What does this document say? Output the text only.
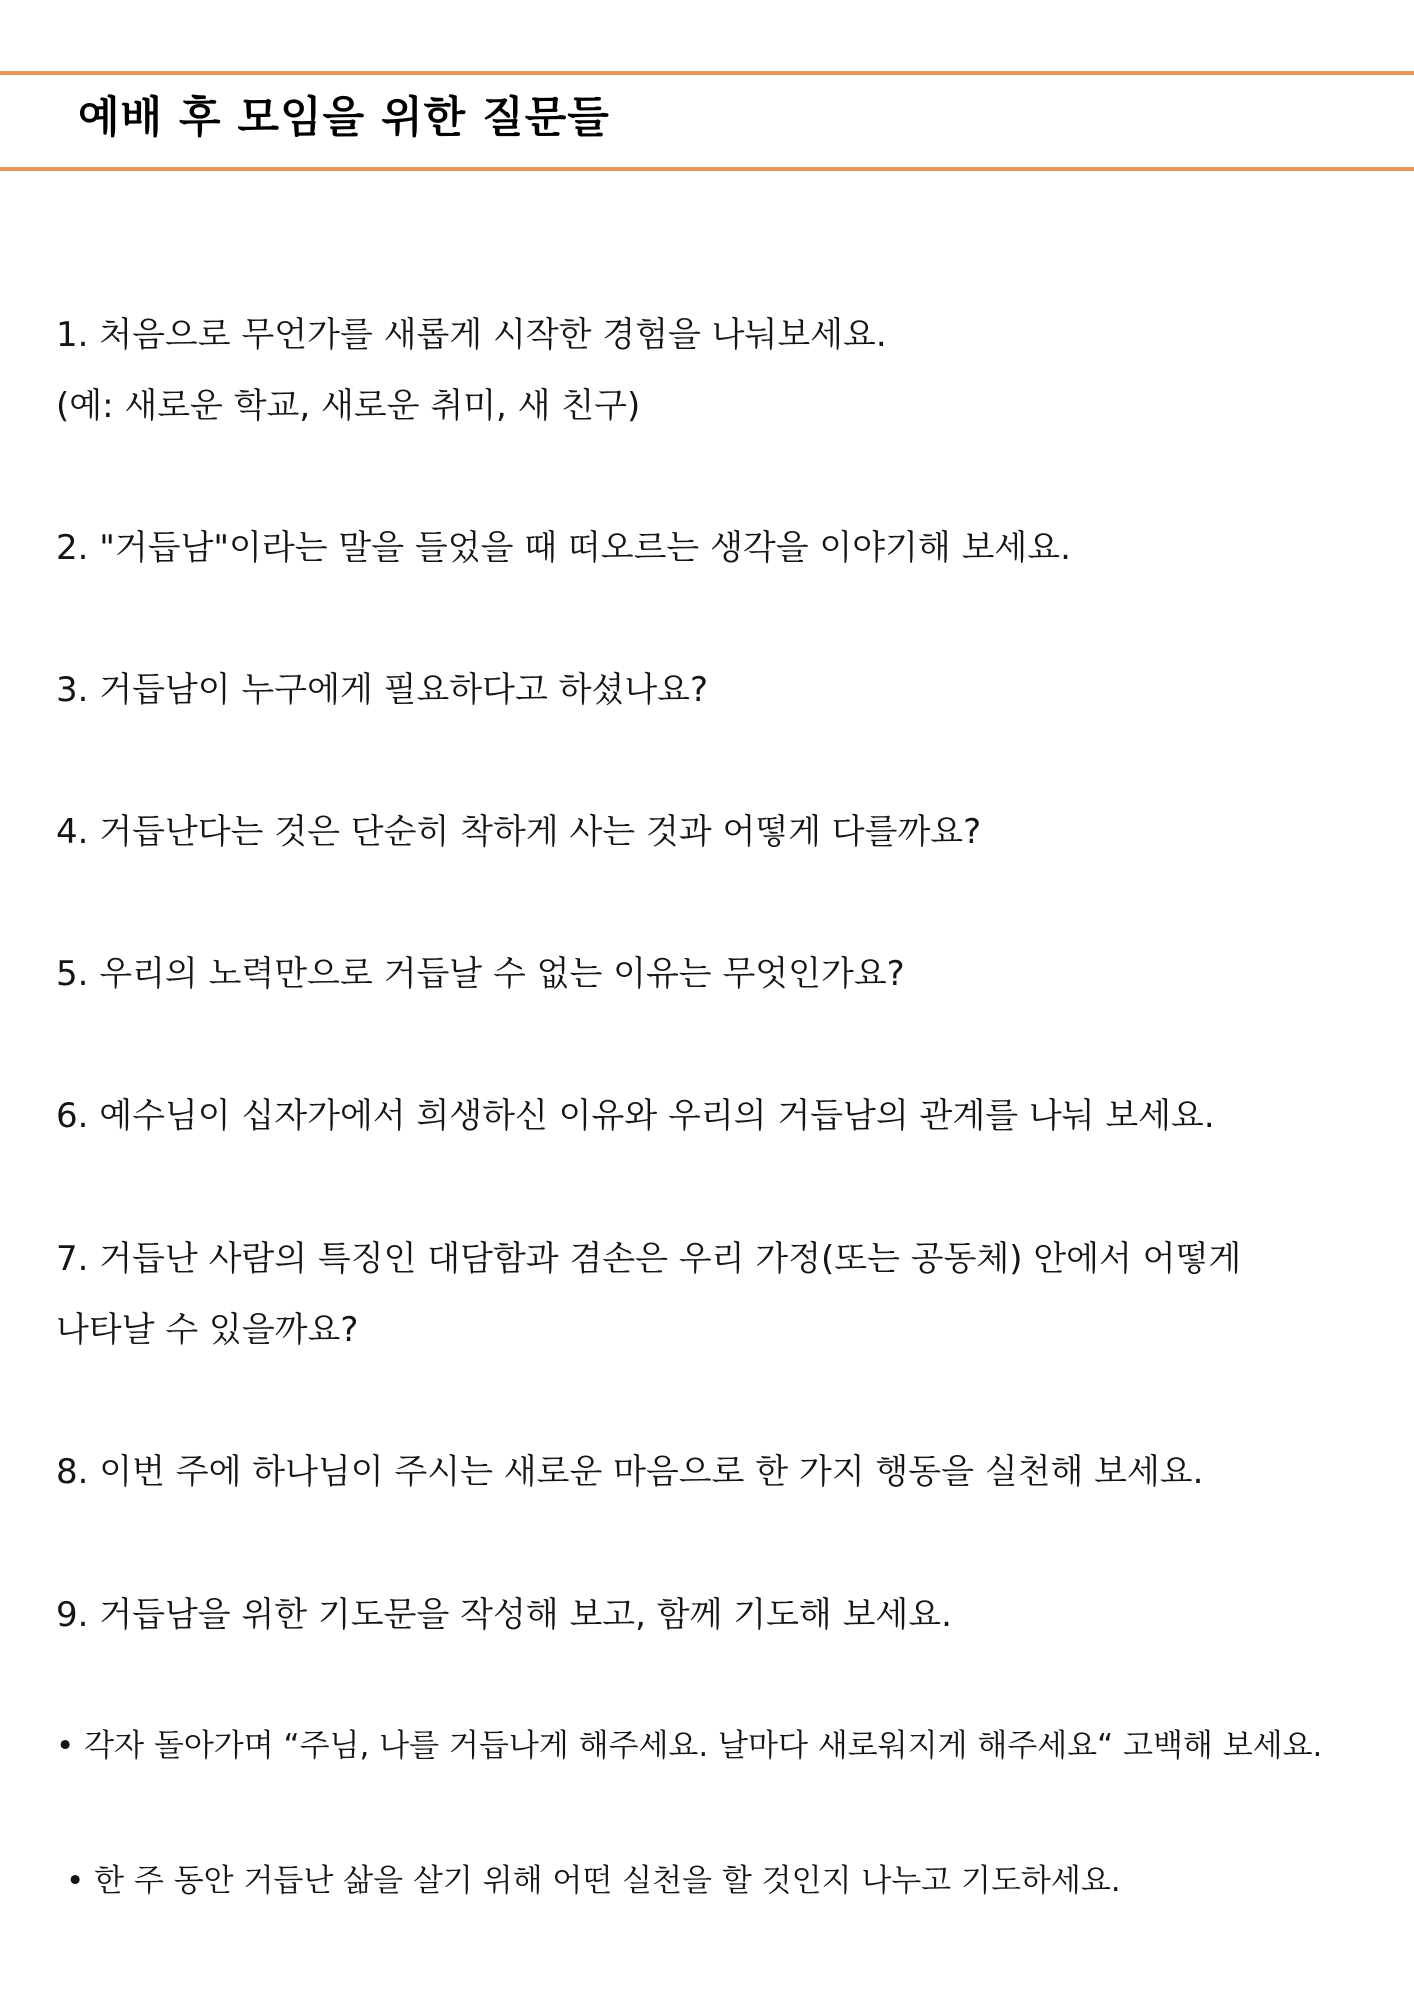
예배 후 모임을 위한 질문들
1. 처음으로 무언가를 새롭게 시작한 경험을 나눠보세요.
(예: 새로운 학교, 새로운 취미, 새 친구)
2. "거듭남"이라는 말을 들었을 때 떠오르는 생각을 이야기해 보세요.
3. 거듭남이 누구에게 필요하다고 하셨나요?
4. 거듭난다는 것은 단순히 착하게 사는 것과 어떻게 다를까요?
5. 우리의 노력만으로 거듭날 수 없는 이유는 무엇인가요?
6. 예수님이 십자가에서 희생하신 이유와 우리의 거듭남의 관계를 나눠 보세요.
7. 거듭난 사람의 특징인 대담함과 겸손은 우리 가정(또는 공동체) 안에서 어떻게
나타날 수 있을까요?
8. 이번 주에 하나님이 주시는 새로운 마음으로 한 가지 행동을 실천해 보세요.
9. 거듭남을 위한 기도문을 작성해 보고, 함께 기도해 보세요.
• 각자 돌아가며 “주님, 나를 거듭나게 해주세요. 날마다 새로워지게 해주세요“ 고백해 보세요.
• 한 주 동안 거듭난 삶을 살기 위해 어떤 실천을 할 것인지 나누고 기도하세요.
